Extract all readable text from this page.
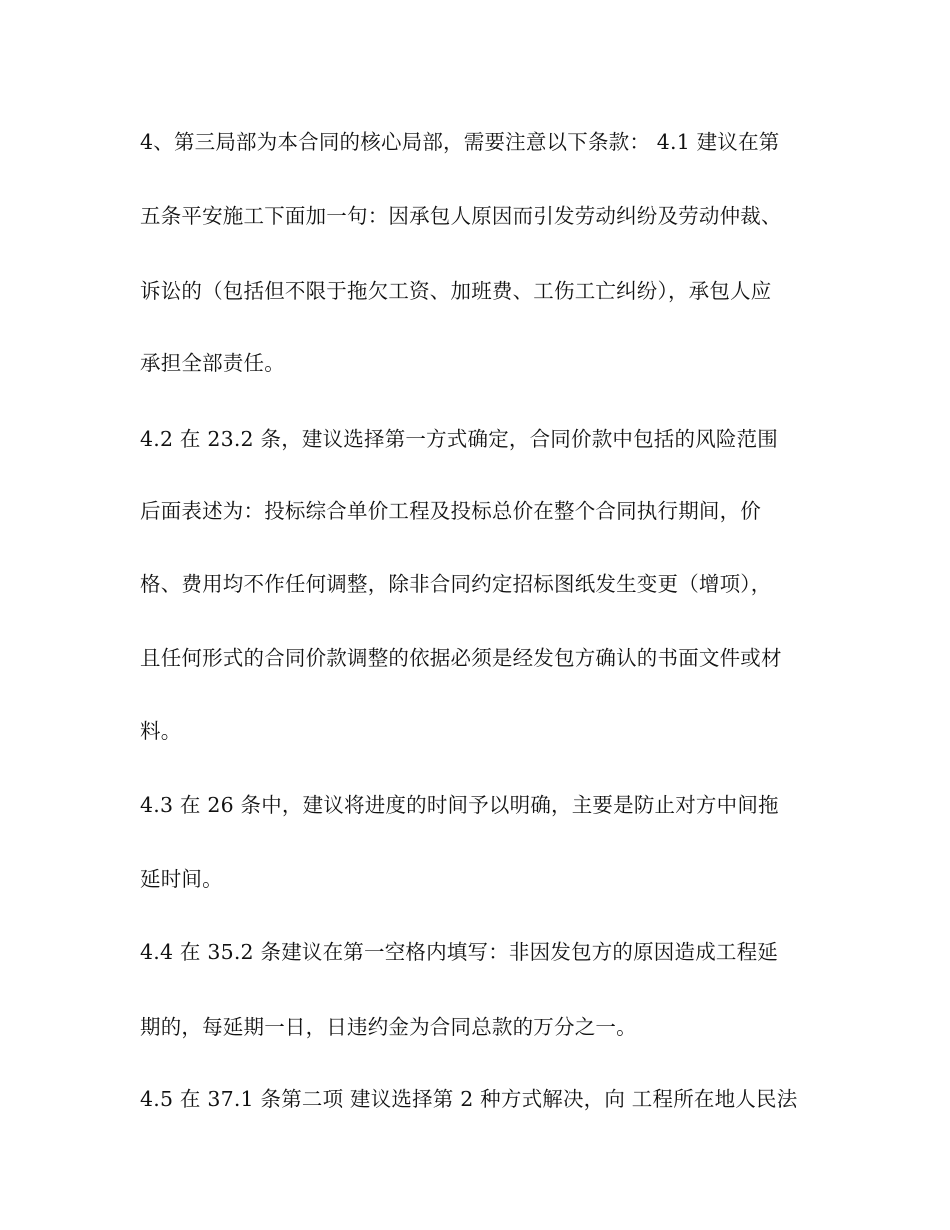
4、第三局部为本合同的核心局部，需要注意以下条款： 4.1 建议在第
五条平安施工下面加一句：因承包人原因而引发劳动纠纷及劳动仲裁、
诉讼的（包括但不限于拖欠工资、加班费、工伤工亡纠纷），承包人应
承担全部责任。
4.2 在 23.2 条，建议选择第一方式确定，合同价款中包括的风险范围
后面表述为：投标综合单价工程及投标总价在整个合同执行期间，价
格、费用均不作任何调整，除非合同约定招标图纸发生变更（增项），
且任何形式的合同价款调整的依据必须是经发包方确认的书面文件或材
料。
4.3 在 26 条中，建议将进度的时间予以明确，主要是防止对方中间拖
延时间。
4.4 在 35.2 条建议在第一空格内填写：非因发包方的原因造成工程延
期的，每延期一日，日违约金为合同总款的万分之一。
4.5 在 37.1 条第二项 建议选择第 2 种方式解决，向 工程所在地人民法
